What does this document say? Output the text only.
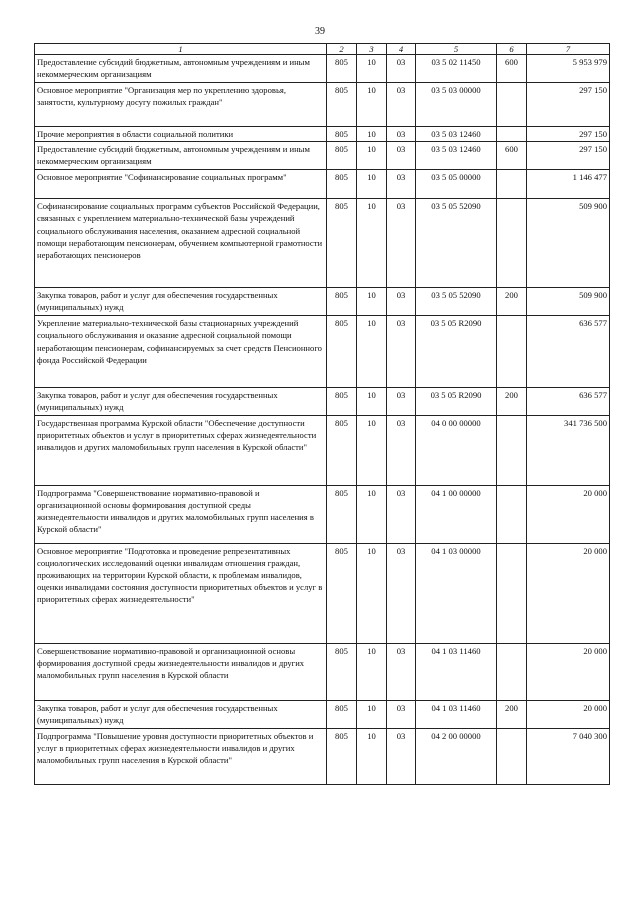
39
1	2	3	4	5	6	7
Предоставление субсидий бюджетным, автономным учреждениям и иным некоммерческим организациям	805	10	03	03 5 02 11450	600	5 953 979
Основное мероприятие "Организация мер по укреплению здоровья, занятости, культурному досугу пожилых граждан"	805	10	03	03 5 03 00000		297 150
Прочие мероприятия в области социальной политики	805	10	03	03 5 03 12460		297 150
Предоставление субсидий бюджетным, автономным учреждениям и иным некоммерческим организациям	805	10	03	03 5 03 12460	600	297 150
Основное мероприятие "Софинансирование социальных программ"	805	10	03	03 5 05 00000		1 146 477
Софинансирование социальных программ субъектов Российской Федерации, связанных с укреплением материально-технической базы учреждений социального обслуживания населения, оказанием адресной социальной помощи неработающим пенсионерам, обучением компьютерной грамотности неработающих пенсионеров	805	10	03	03 5 05 52090		509 900
Закупка товаров, работ и услуг для обеспечения государственных (муниципальных) нужд	805	10	03	03 5 05 52090	200	509 900
Укрепление материально-технической базы стационарных учреждений социального обслуживания и оказание адресной социальной помощи неработающим пенсионерам, софинансируемых за счет средств Пенсионного фонда Российской Федерации	805	10	03	03 5 05 R2090		636 577
Закупка товаров, работ и услуг для обеспечения государственных (муниципальных) нужд	805	10	03	03 5 05 R2090	200	636 577
Государственная программа Курской области "Обеспечение доступности приоритетных объектов и услуг в приоритетных сферах жизнедеятельности инвалидов и других маломобильных групп населения в Курской области"	805	10	03	04 0 00 00000		341 736 500
Подпрограмма "Совершенствование нормативно-правовой и организационной основы формирования доступной среды жизнедеятельности инвалидов и других маломобильных групп населения в Курской области"	805	10	03	04 1 00 00000		20 000
Основное мероприятие "Подготовка и проведение репрезентативных социологических исследований оценки инвалидам отношения граждан, проживающих на территории Курской области, к проблемам инвалидов, оценки инвалидами состояния доступности приоритетных объектов и услуг в приоритетных сферах жизнедеятельности"	805	10	03	04 1 03 00000		20 000
Совершенствование нормативно-правовой и организационной основы формирования доступной среды жизнедеятельности инвалидов и других маломобильных групп населения в Курской области	805	10	03	04 1 03 11460		20 000
Закупка товаров, работ и услуг для обеспечения государственных (муниципальных) нужд	805	10	03	04 1 03 11460	200	20 000
Подпрограмма "Повышение уровня доступности приоритетных объектов и услуг в приоритетных сферах жизнедеятельности инвалидов и других маломобильных групп населения в Курской области"	805	10	03	04 2 00 00000		7 040 300
